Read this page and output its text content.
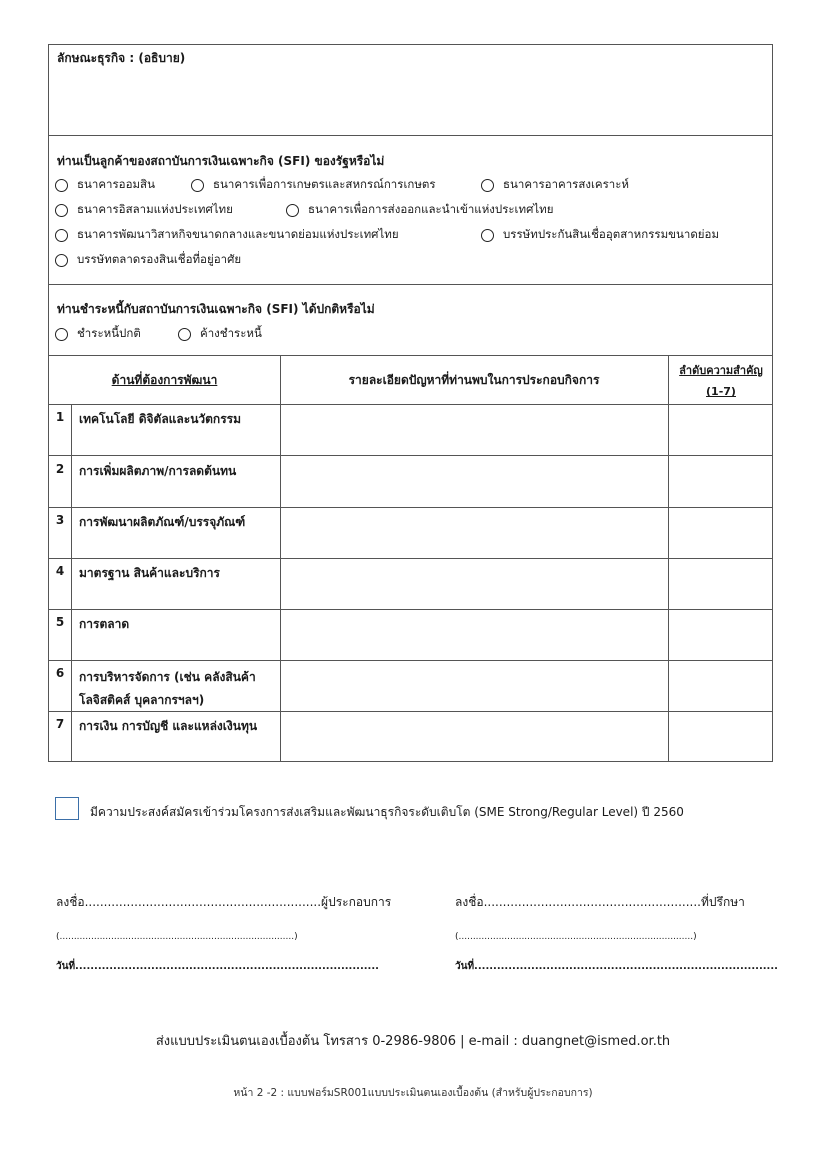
ลักษณะธุรกิจ : (อธิบาย)
ท่านเป็นลูกค้าของสถาบันการเงินเฉพาะกิจ (SFI) ของรัฐหรือไม่
ธนาคารออมสิน	ธนาคารเพื่อการเกษตรและสหกรณ์การเกษตร	ธนาคารอาคารสงเคราะห์
ธนาคารอิสลามแห่งประเทศไทย	ธนาคารเพื่อการส่งออกและนำเข้าแห่งประเทศไทย
ธนาคารพัฒนาวิสาหกิจขนาดกลางและขนาดย่อมแห่งประเทศไทย	บรรษัทประกันสินเชื่ออุตสาหกรรมขนาดย่อม
บรรษัทตลาดรองสินเชื่อที่อยู่อาศัย
ท่านชำระหนี้กับสถาบันการเงินเฉพาะกิจ (SFI) ได้ปกติหรือไม่
ชำระหนี้ปกติ	ค้างชำระหนี้
ด้านที่ต้องการพัฒนา	รายละเอียดปัญหาที่ท่านพบในการประกอบกิจการ
ลำดับความสำคัญ
(1-7)
1	เทคโนโลยี ดิจิตัลและนวัตกรรม
2	การเพิ่มผลิตภาพ/การลดต้นทน
3	การพัฒนาผลิตภัณฑ์/บรรจุภัณฑ์
4	มาตรฐาน สินค้าและบริการ
5	การตลาด
6	การบริหารจัดการ (เช่น คลังสินค้า
โลจิสติคส์ บุคลากรฯลฯ)
7	การเงิน การบัญชี และแหล่งเงินทุน
มีความประสงค์สมัครเข้าร่วมโครงการส่งเสริมและพัฒนาธุรกิจระดับเติบโต (SME Strong/Regular Level) ปี 2560
ลงชื่อ..............................................................ผู้ประกอบการ
(..................................................................................)
วันที่................................................................................
ลงชื่อ.........................................................ที่ปรึกษา
(..................................................................................)
วันที่................................................................................
ส่งแบบประเมินตนเองเบื้องต้น โทรสาร 0-2986-9806 | e-mail : duangnet@ismed.or.th
หน้า 2 -2 : แบบฟอร์มSR001แบบประเมินตนเองเบื้องต้น (สำหรับผู้ประกอบการ)
